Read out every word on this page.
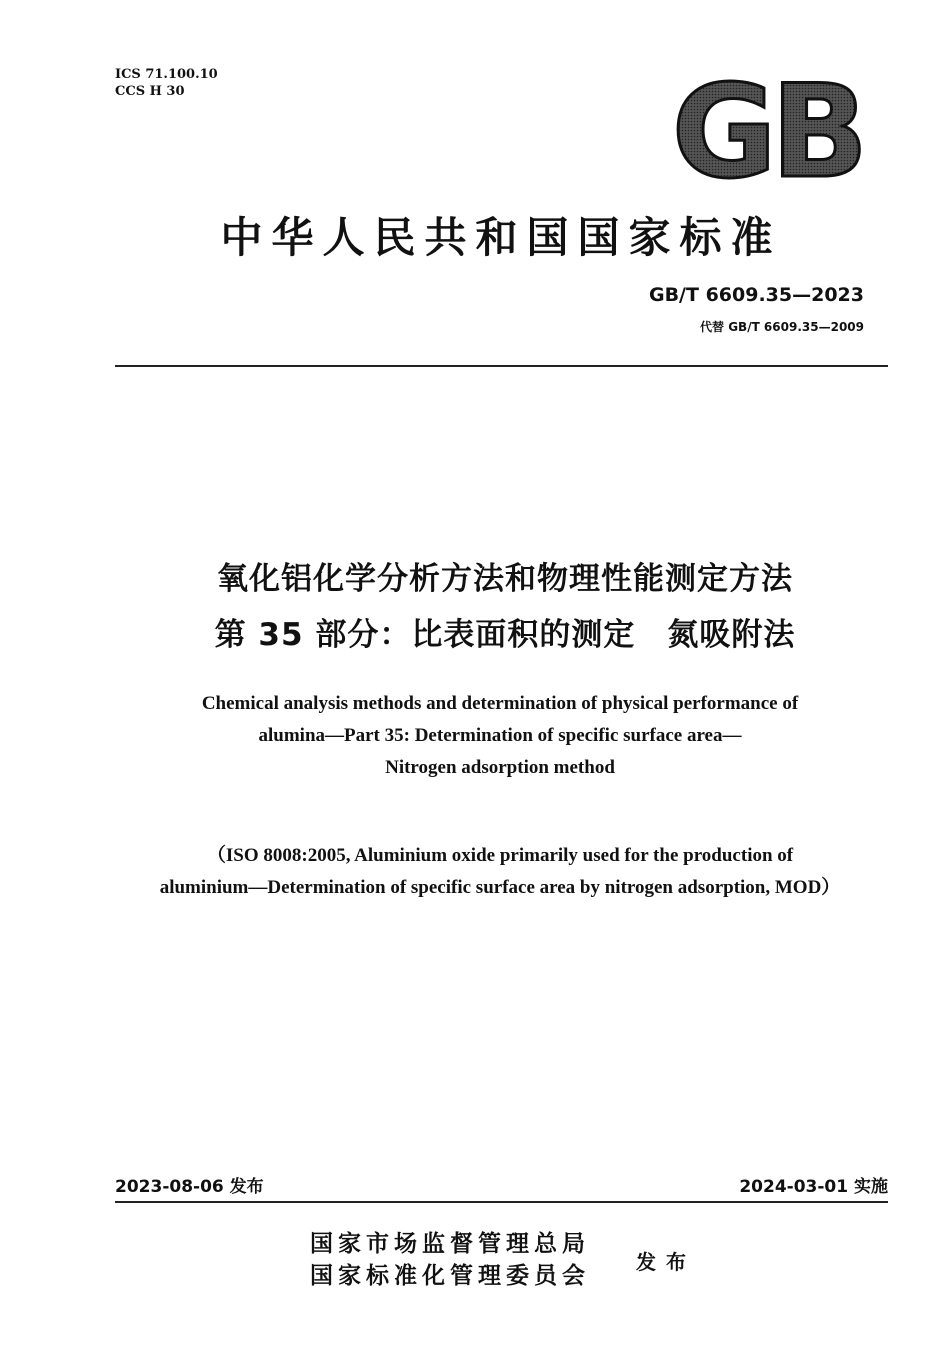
ICS 71.100.10
CCS H 30	GB
中华人民共和国国家标准
GB/T 6609.35—2023
代替 GB/T 6609.35—2009
氧化铝化学分析方法和物理性能测定方法
第 35 部分：比表面积的测定　氮吸附法
Chemical analysis methods and determination of physical performance of
alumina—Part 35: Determination of specific surface area—
Nitrogen adsorption method
（ISO 8008:2005, Aluminium oxide primarily used for the production of
aluminium—Determination of specific surface area by nitrogen adsorption, MOD）
2023-08-06 发布	2024-03-01 实施
国家市场监督管理总局
国家标准化管理委员会 发布
